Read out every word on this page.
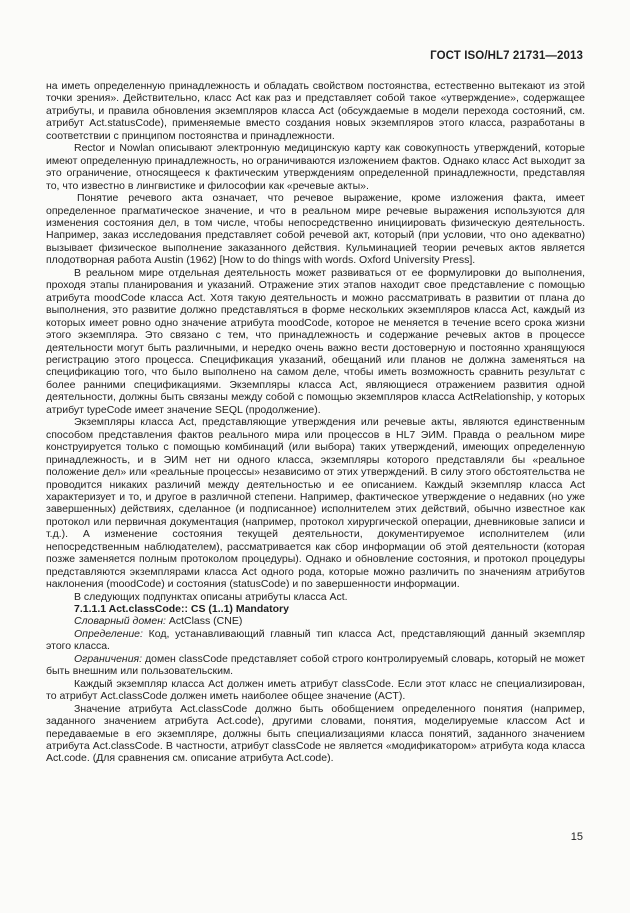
ГОСТ ISO/HL7 21731—2013

на иметь определенную принадлежность и обладать свойством постоянства, естественно вытекают из этой точки зрения». Действительно, класс Act как раз и представляет собой такое «утверждение», содержащее атрибуты, и правила обновления экземпляров класса Act (обсуждаемые в модели перехода состояний, см. атрибут Act.statusCode), применяемые вместо создания новых экземпляров этого класса, разработаны в соответствии с принципом постоянства и принадлежности.

Rector и Nowlan описывают электронную медицинскую карту как совокупность утверждений, которые имеют определенную принадлежность, но ограничиваются изложением фактов. Однако класс Act выходит за это ограничение, относящееся к фактическим утверждениям определенной принадлежности, представляя то, что известно в лингвистике и философии как «речевые акты».

Понятие речевого акта означает, что речевое выражение, кроме изложения факта, имеет определенное прагматическое значение, и что в реальном мире речевые выражения используются для изменения состояния дел, в том числе, чтобы непосредственно инициировать физическую деятельность. Например, заказ исследования представляет собой речевой акт, который (при условии, что оно адекватно) вызывает физическое выполнение заказанного действия. Кульминацией теории речевых актов является плодотворная работа Austin (1962) [How to do things with words. Oxford University Press].

В реальном мире отдельная деятельность может развиваться от ее формулировки до выполнения, проходя этапы планирования и указаний. Отражение этих этапов находит свое представление с помощью атрибута moodCode класса Act. Хотя такую деятельность и можно рассматривать в развитии от плана до выполнения, это развитие должно представляться в форме нескольких экземпляров класса Act, каждый из которых имеет ровно одно значение атрибута moodCode, которое не меняется в течение всего срока жизни этого экземпляра. Это связано с тем, что принадлежность и содержание речевых актов в процессе деятельности могут быть различными, и нередко очень важно вести достоверную и постоянно хранящуюся регистрацию этого процесса. Спецификация указаний, обещаний или планов не должна заменяться на спецификацию того, что было выполнено на самом деле, чтобы иметь возможность сравнить результат с более ранними спецификациями. Экземпляры класса Act, являющиеся отражением развития одной деятельности, должны быть связаны между собой с помощью экземпляров класса ActRelationship, у которых атрибут typeCode имеет значение SEQL (продолжение).

Экземпляры класса Act, представляющие утверждения или речевые акты, являются единственным способом представления фактов реального мира или процессов в HL7 ЭИМ. Правда о реальном мире конструируется только с помощью комбинаций (или выбора) таких утверждений, имеющих определенную принадлежность, и в ЭИМ нет ни одного класса, экземпляры которого представляли бы «реальное положение дел» или «реальные процессы» независимо от этих утверждений. В силу этого обстоятельства не проводится никаких различий между деятельностью и ее описанием. Каждый экземпляр класса Act характеризует и то, и другое в различной степени. Например, фактическое утверждение о недавних (но уже завершенных) действиях, сделанное (и подписанное) исполнителем этих действий, обычно известное как протокол или первичная документация (например, протокол хирургической операции, дневниковые записи и т.д.). А изменение состояния текущей деятельности, документируемое исполнителем (или непосредственным наблюдателем), рассматривается как сбор информации об этой деятельности (которая позже заменяется полным протоколом процедуры). Однако и обновление состояния, и протокол процедуры представляются экземплярами класса Act одного рода, которые можно различить по значениям атрибутов наклонения (moodCode) и состояния (statusCode) и по завершенности информации.

В следующих подпунктах описаны атрибуты класса Act.

7.1.1.1 Act.classCode:: CS (1..1) Mandatory

Словарный домен: ActClass (CNE)

Определение: Код, устанавливающий главный тип класса Act, представляющий данный экземпляр этого класса.

Ограничения: домен classCode представляет собой строго контролируемый словарь, который не может быть внешним или пользовательским.

Каждый экземпляр класса Act должен иметь атрибут classCode. Если этот класс не специализирован, то атрибут Act.classCode должен иметь наиболее общее значение (ACT).

Значение атрибута Act.classCode должно быть обобщением определенного понятия (например, заданного значением атрибута Act.code), другими словами, понятия, моделируемые классом Act и передаваемые в его экземпляре, должны быть специализациями класса понятий, заданного значением атрибута Act.classCode. В частности, атрибут classCode не является «модификатором» атрибута кода класса Act.code. (Для сравнения см. описание атрибута Act.code).

15
